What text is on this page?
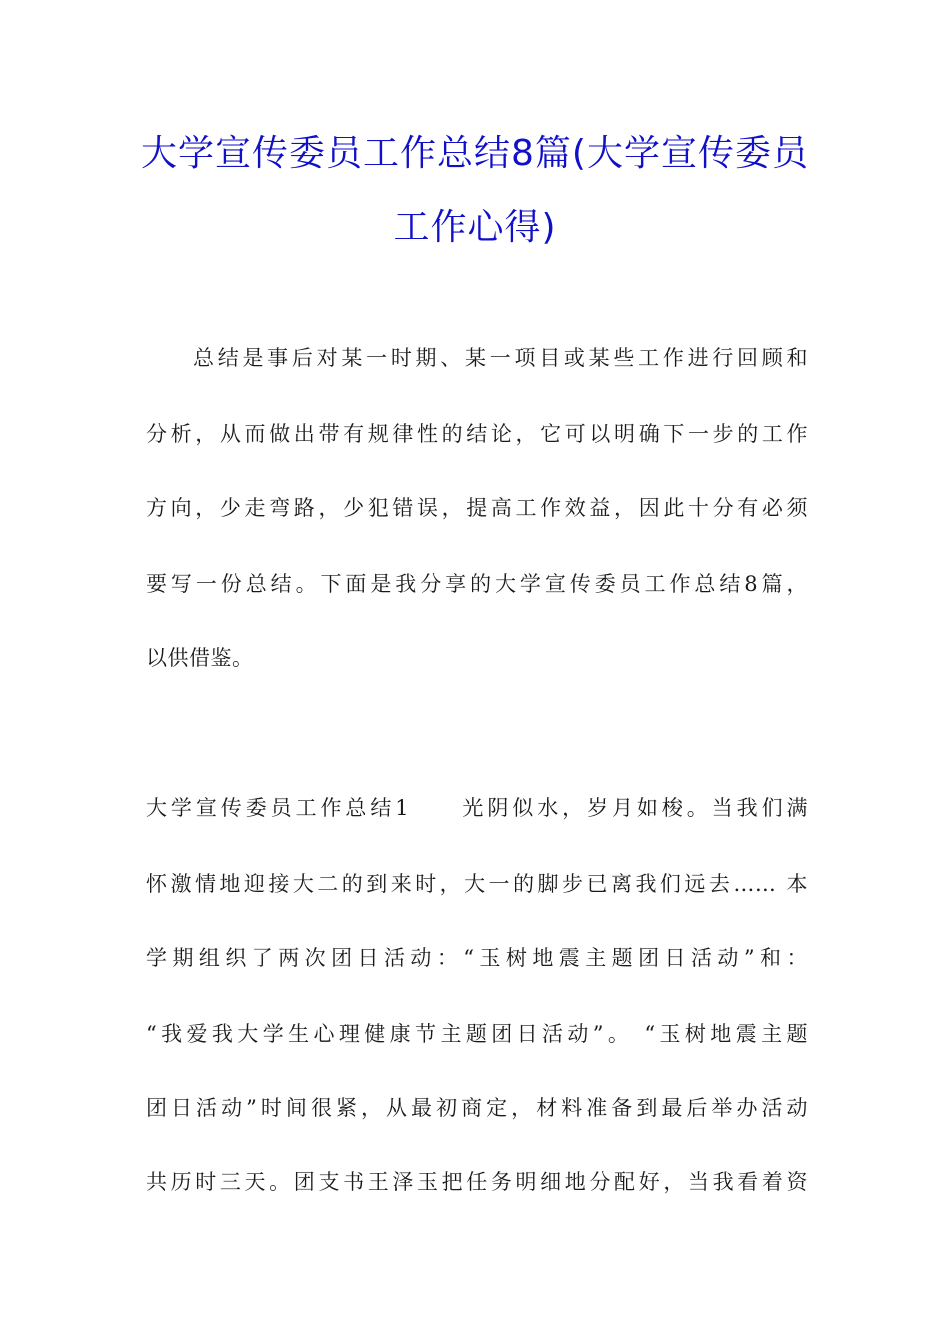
大学宣传委员工作总结8篇(大学宣传委员
工作心得)
总结是事后对某一时期、某一项目或某些工作进行回顾和
分析，从而做出带有规律性的结论，它可以明确下一步的工作
方向，少走弯路，少犯错误，提高工作效益，因此十分有必须
要写一份总结。下面是我分享的大学宣传委员工作总结8篇，
以供借鉴。
大学宣传委员工作总结1　　光阴似水，岁月如梭。当我们满
怀激情地迎接大二的到来时，大一的脚步已离我们远去…… 本
学期组织了两次团日活动：“玉树地震主题团日活动”和：
“我爱我大学生心理健康节主题团日活动”。 “玉树地震主题
团日活动”时间很紧，从最初商定，材料准备到最后举办活动
共历时三天。团支书王泽玉把任务明细地分配好，当我看着资
